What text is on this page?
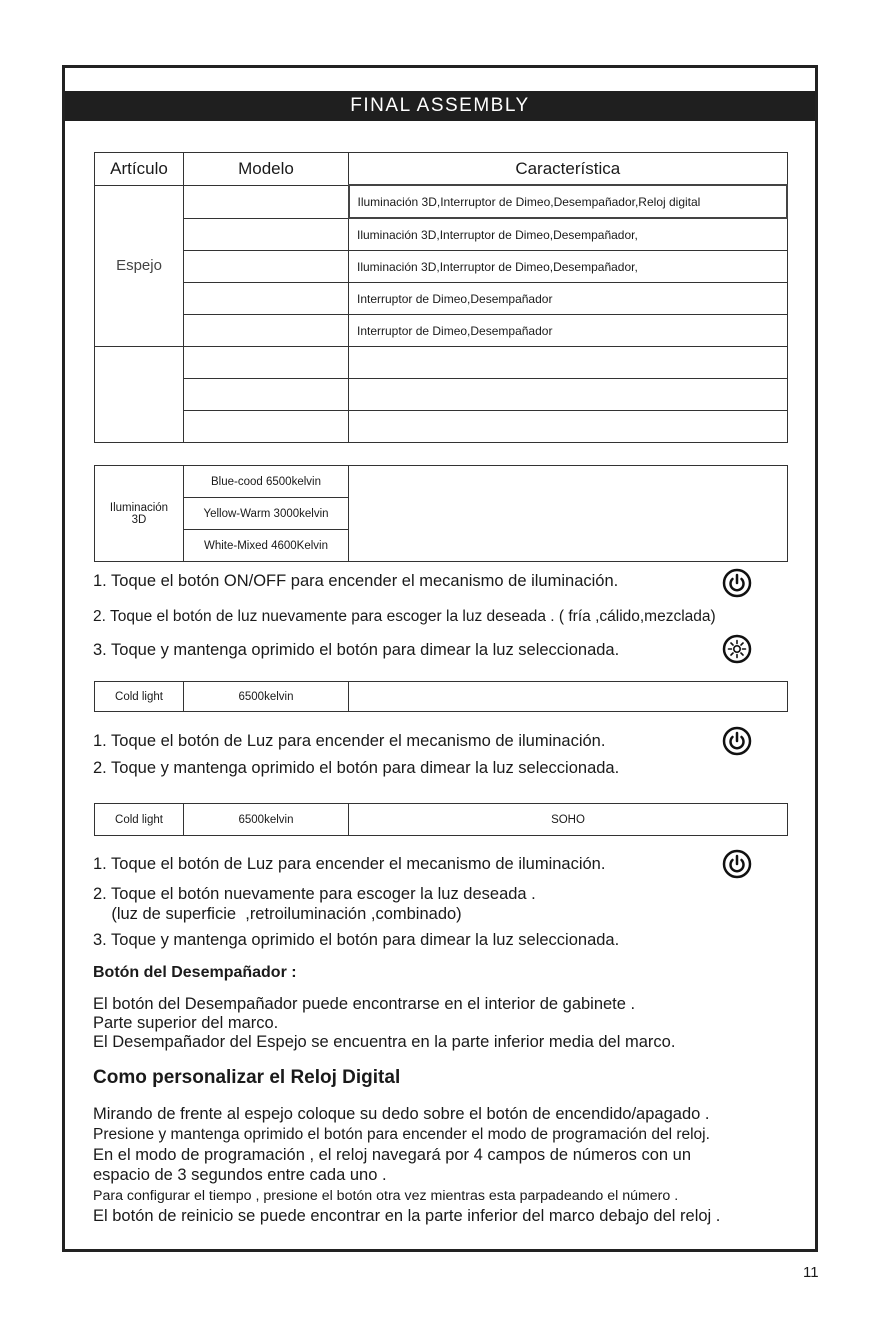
FINAL ASSEMBLY
Artículo	Modelo	Característica
Espejo		Iluminación 3D,Interruptor de Dimeo,Desempañador,Reloj digital
		Iluminación 3D,Interruptor de Dimeo,Desempañador,
		Iluminación 3D,Interruptor de Dimeo,Desempañador,
		Interruptor de Dimeo,Desempañador
		Interruptor de Dimeo,Desempañador

Iluminación 3D	Blue-cood 6500kelvin	
Yellow-Warm 3000kelvin
White-Mixed 4600Kelvin
1. Toque el botón ON/OFF para encender el mecanismo de iluminación.
2. Toque el botón de luz nuevamente para escoger la luz deseada . ( fría ,cálido,mezclada)
3. Toque y mantenga oprimido el botón para dimear la luz seleccionada.
Cold light	6500kelvin	
1. Toque el botón de Luz para encender el mecanismo de iluminación.
2. Toque y mantenga oprimido el botón para dimear la luz seleccionada.
Cold light	6500kelvin	SOHO
1. Toque el botón de Luz para encender el mecanismo de iluminación.
2. Toque el botón nuevamente para escoger la luz deseada .
(luz de superficie  ,retroiluminación ,combinado)
3. Toque y mantenga oprimido el botón para dimear la luz seleccionada.
Botón del Desempañador :
El botón del Desempañador puede encontrarse en el interior de gabinete .
Parte superior del marco.
El Desempañador del Espejo se encuentra en la parte inferior media del marco.
Como personalizar el Reloj Digital
Mirando de frente al espejo coloque su dedo sobre el botón de encendido/apagado .
Presione y mantenga oprimido el botón para encender el modo de programación del reloj.
En el modo de programación , el reloj navegará por 4 campos de números con un
espacio de 3 segundos entre cada uno .
Para configurar el tiempo , presione el botón otra vez mientras esta parpadeando el número .
El botón de reinicio se puede encontrar en la parte inferior del marco debajo del reloj .
11
